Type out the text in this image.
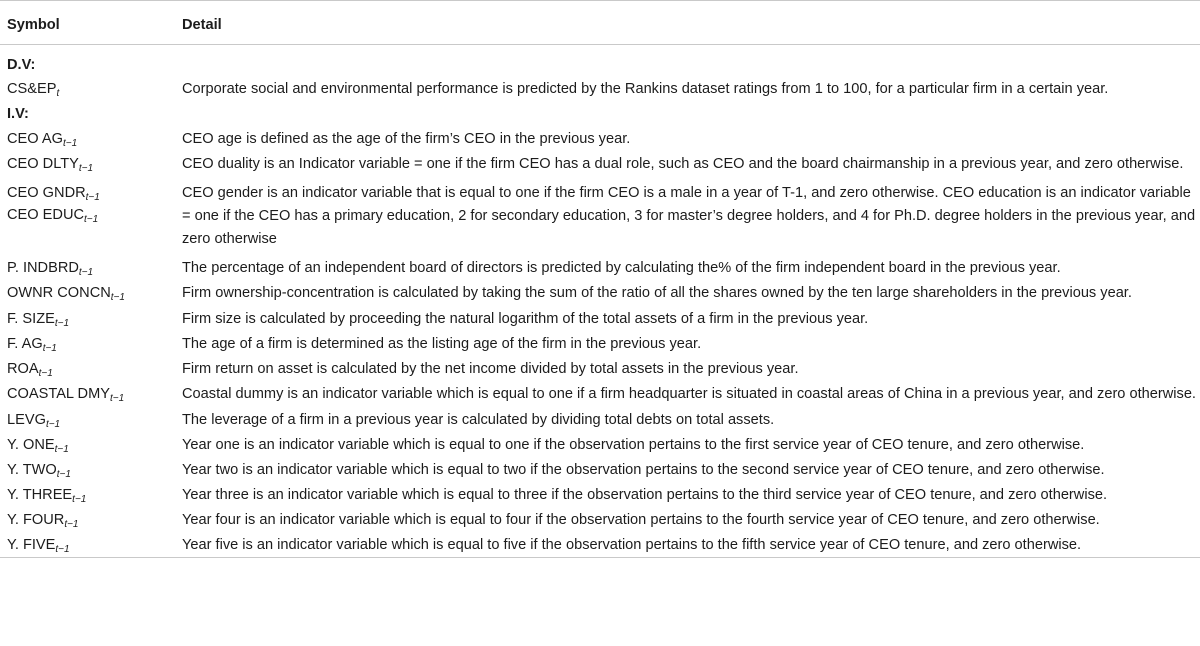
Symbol	Detail
D.V:	
$CS\&EP_t$	Corporate social and environmental performance is predicted by the Rankins dataset ratings from 1 to 100, for a particular firm in a certain year.
I.V:	
CEO $AG_{t-1}$	CEO age is defined as the age of the firm’s CEO in the previous year.
CEO $DLTY_{t-1}$	CEO duality is an Indicator variable = one if the firm CEO has a dual role, such as CEO and the board chairmanship in a previous year, and zero otherwise.

CEO $GNDR_{t-1}$
CEO $EDUC_{t-1}$	CEO gender is an indicator variable that is equal to one if the firm CEO is a male in a year of T-1, and zero otherwise. CEO education is an indicator variable = one if the CEO has a primary education, 2 for secondary education, 3 for master’s degree holders, and 4 for Ph.D. degree holders in the previous year, and zero otherwise
P. $INDBRD_{t-1}$	The percentage of an independent board of directors is predicted by calculating the% of the firm independent board in the previous year.
OWNR $CONCN_{t-1}$	Firm ownership-concentration is calculated by taking the sum of the ratio of all the shares owned by the ten large shareholders in the previous year.
F. $SIZE_{t-1}$	Firm size is calculated by proceeding the natural logarithm of the total assets of a firm in the previous year.
F. $AG_{t-1}$	The age of a firm is determined as the listing age of the firm in the previous year.
$ROA_{t-1}$	Firm return on asset is calculated by the net income divided by total assets in the previous year.
COASTAL $DMY_{t-1}$	Coastal dummy is an indicator variable which is equal to one if a firm headquarter is situated in coastal areas of China in a previous year, and zero otherwise.
$LEVG_{t-1}$	The leverage of a firm in a previous year is calculated by dividing total debts on total assets.
Y. $ONE_{t-1}$	Year one is an indicator variable which is equal to one if the observation pertains to the first service year of CEO tenure, and zero otherwise.
Y. $TWO_{t-1}$	Year two is an indicator variable which is equal to two if the observation pertains to the second service year of CEO tenure, and zero otherwise.
Y. $THREE_{t-1}$	Year three is an indicator variable which is equal to three if the observation pertains to the third service year of CEO tenure, and zero otherwise.
Y. $FOUR_{t-1}$	Year four is an indicator variable which is equal to four if the observation pertains to the fourth service year of CEO tenure, and zero otherwise.
Y. $FIVE_{t-1}$	Year five is an indicator variable which is equal to five if the observation pertains to the fifth service year of CEO tenure, and zero otherwise.
